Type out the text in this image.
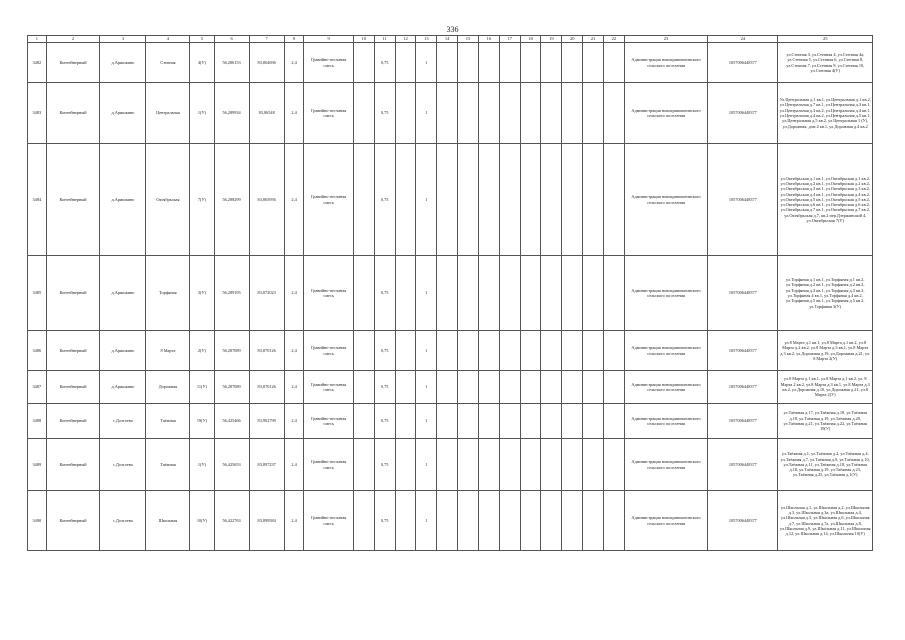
336
1	2	3	4	5	6	7	8	9	10	11	12	13	14	15	16	17	18	19	20	21	22	23	24	25
3482	Контейнерный	д.Аришкино	Степная	4(У)	56,286153	83,864696	2,4	Гравийно-песчаная смесь		0,75		1										Администрация новокривошеинского сельского поселения	1057006448377	ул.Степная 3, ул.Степная 4, ул.Степная 4а, ул.Степная 5, ул.Степная 6, ул.Степная 8, ул.Степная 7, ул.Степная 9, ул.Степная 10, ул.Степная 4(У)
3483	Контейнерный	д.Аришкино	Центральная	1(У)	56,289934	83,86548	2,4	Гравийно-песчаная смесь		0,75		1										Администрация новокривошеинского сельского поселения	1057006448377	Ул.Центральная д.1 кв.1, ул.Центральная д.1 кв.2, ул.Центральная д.7 кв.1, ул.Центральная д.3 кв.1, ул.Центральная д.3 кв.2, ул.Центральная д.4 кв.1, ул.Центральная д.4 кв.2, ул.Центральная д.5 кв.1, ул.Центральная д.5 кв.2, ул.Центральная 1 (У), ул.Дорожная, дом 4 кв.1, ул.Дорожная д.4 кв.2
3484	Контейнерный	д.Аришкино	Октябрьская	7(У)	56,288299	83,865956	2,4	Гравийно-песчаная смесь		0,75		1										Администрация новокривошеинского сельского поселения	1057006448377	ул.Октябрьская д.1 кв.1, ул.Октябрьская д.1 кв.2, ул.Октябрьская д.2 кв.1, ул.Октябрьская д.2 кв.2, ул.Октябрьская д.3 кв.1, ул.Октябрьская д.3 кв.2, ул.Октябрьская д.4 кв.1, ул.Октябрьская д.4 кв.2, ул.Октябрьская д.5 кв.1, ул.Октябрьская д.5 кв.2, ул.Октябрьская д.6 кв.1, ул.Октябрьская д.6 кв.2, ул.Октябрьская д.7 кв.1, ул.Октябрьская д.7 кв.2, ул.Октябрьская д.7, кв.2 пер.Дзержинский 4, ул.Октябрьская 7(У)
3485	Контейнерный	д.Аришкино	Торфяная	3(У)	56,289195	83,872023	2,4	Гравийно-песчаная смесь		0,75		1										Администрация новокривошеинского сельского поселения	1057006448377	ул.Торфяная д.1 кв.1, ул.Торфяная д.1 кв.2, ул.Торфяная д.2 кв.1, ул.Торфяная д.2 кв.2, ул.Торфяная д.3 кв.1, ул.Торфяная д.3 кв.2, ул.Торфяная 4 кв.1, ул.Торфяная д.4 кв.2, ул.Торфяная д.5 кв.1, ул.Торфяная д.5 кв.2, ул.Торфяная 3(У)
3486	Контейнерный	д.Аришкино	8 Марта	2(У)	56,287089	83,870126	2,4	Гравийно-песчаная смесь		0,75		1										Администрация новокривошеинского сельского поселения	1057006448377	ул.8 Марта д.1 кв.1, ул.8 Марта д.1 кв.2, ул.8 Марта д.2 кв.2, ул.8 Марта д.3 кв.1, ул.8 Марта д.3 кв.2, ул.Дорожная д.19, ул.Дорожная д.21, ул. 8 Марта 2(У)
3487	Контейнерный	д.Аришкино	Дорожная	11(У)	56,287089	83,870126	2,4	Гравийно-песчаная смесь		0,75		1										Администрация новокривошеинского сельского поселения	1057006448377	ул.8 Марта д.1 кв.1, ул.8 Марта д.1 кв.2, ул. 8 Марта 2 кв.2, ул.8 Марта д.3 кв.1, ул.8 Марта д.3 кв.2, ул.Дорожная д.10, ул.Дорожная д.21, ул.8 Марта 2(У)
3488	Контейнерный	с.Долгоево	Таёжная	19(У)	56,425466	83,902799	2,4	Гравийно-песчаная смесь		0,75		1										Администрация новокривошеинского сельского поселения	1057006448377	ул.Таёжная д.17, ул.Таёжная д.18, ул.Таёжная д.18, ул.Таёжная д.19, ул.Таёжная д.20, ул.Таёжная д.21, ул.Таёжная д.22, ул.Таёжная 19(У)
3489	Контейнерный	с.Долгоево	Таёжная	1(У)	56,425653	83,897237	2,4	Гравийно-песчаная смесь		0,75		1										Администрация новокривошеинского сельского поселения	1057006448377	ул.Таёжная д.1, ул.Таёжная д.2, ул.Таёжная д.4, ул.Таёжная д.7, ул.Таёжная д.9, ул.Таёжная д.10, ул.Таёжная д.11, ул.Таёжная д.18, ул.Таёжная д.18, ул.Таёжная д.19, ул.Таёжная д.23, ул.Таёжная д.25, ул.Таёжная д.1(У)
3490	Контейнерный	с.Долгоево	Школьная	10(У)	56,422763	83,899584	2,4	Гравийно-песчаная смесь		0,75		1										Администрация новокривошеинского сельского поселения	1057006448377	ул.Школьная д.1, ул.Школьная д.2, ул.Школьная д.3, ул.Школьная д.3а, ул.Школьная д.4, ул.Школьная д.5, ул.Школьная д.6, ул.Школьная д.7, ул.Школьная д.7а, ул.Школьная д.8, ул.Школьная д.9, ул.Школьная д.11, ул.Школьная д.12, ул.Школьная д.14, ул.Школьная 10(У)
